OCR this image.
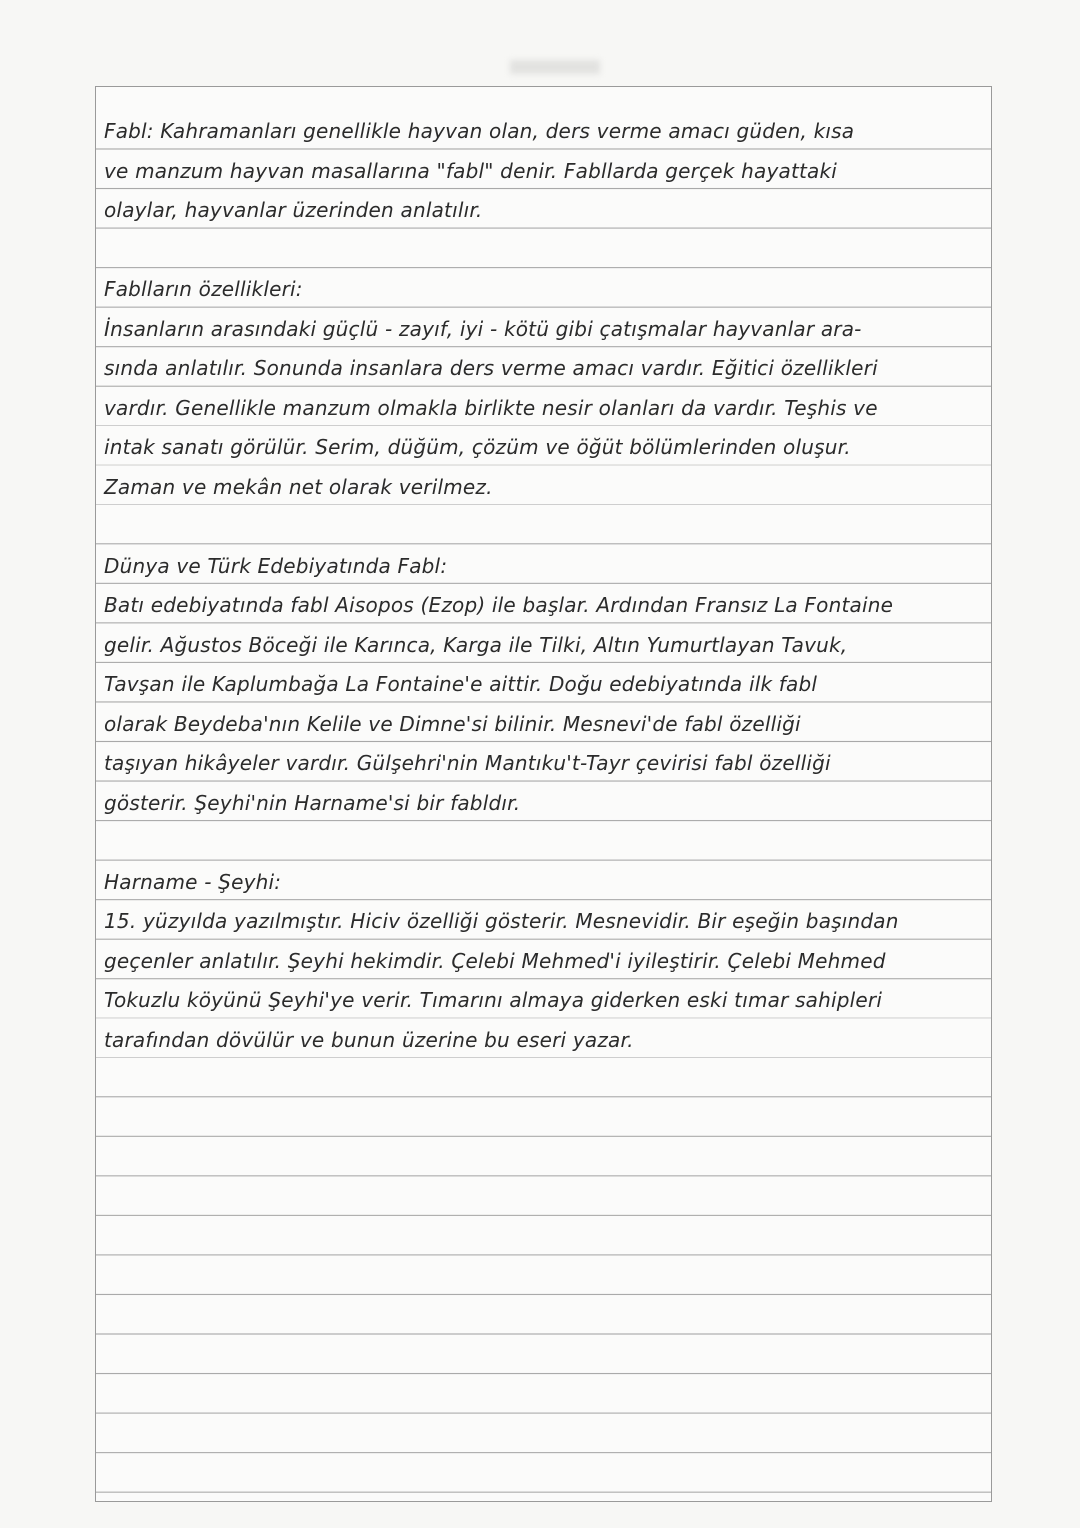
Fabl: Kahramanları genellikle hayvan olan, ders verme amacı güden, kısa
ve manzum hayvan masallarına "fabl" denir. Fabllarda gerçek hayattaki
olaylar, hayvanlar üzerinden anlatılır.
Fablların özellikleri:
İnsanların arasındaki güçlü - zayıf, iyi - kötü gibi çatışmalar hayvanlar ara-
sında anlatılır. Sonunda insanlara ders verme amacı vardır. Eğitici özellikleri
vardır. Genellikle manzum olmakla birlikte nesir olanları da vardır. Teşhis ve
intak sanatı görülür. Serim, düğüm, çözüm ve öğüt bölümlerinden oluşur.
Zaman ve mekân net olarak verilmez.
Dünya ve Türk Edebiyatında Fabl:
Batı edebiyatında fabl Aisopos (Ezop) ile başlar. Ardından Fransız La Fontaine
gelir. Ağustos Böceği ile Karınca, Karga ile Tilki, Altın Yumurtlayan Tavuk,
Tavşan ile Kaplumbağa La Fontaine'e aittir. Doğu edebiyatında ilk fabl
olarak Beydeba'nın Kelile ve Dimne'si bilinir. Mesnevi'de fabl özelliği
taşıyan hikâyeler vardır. Gülşehri'nin Mantıku't-Tayr çevirisi fabl özelliği
gösterir. Şeyhi'nin Harname'si bir fabldır.
Harname - Şeyhi:
15. yüzyılda yazılmıştır. Hiciv özelliği gösterir. Mesnevidir. Bir eşeğin başından
geçenler anlatılır. Şeyhi hekimdir. Çelebi Mehmed'i iyileştirir. Çelebi Mehmed
Tokuzlu köyünü Şeyhi'ye verir. Tımarını almaya giderken eski tımar sahipleri
tarafından dövülür ve bunun üzerine bu eseri yazar.
